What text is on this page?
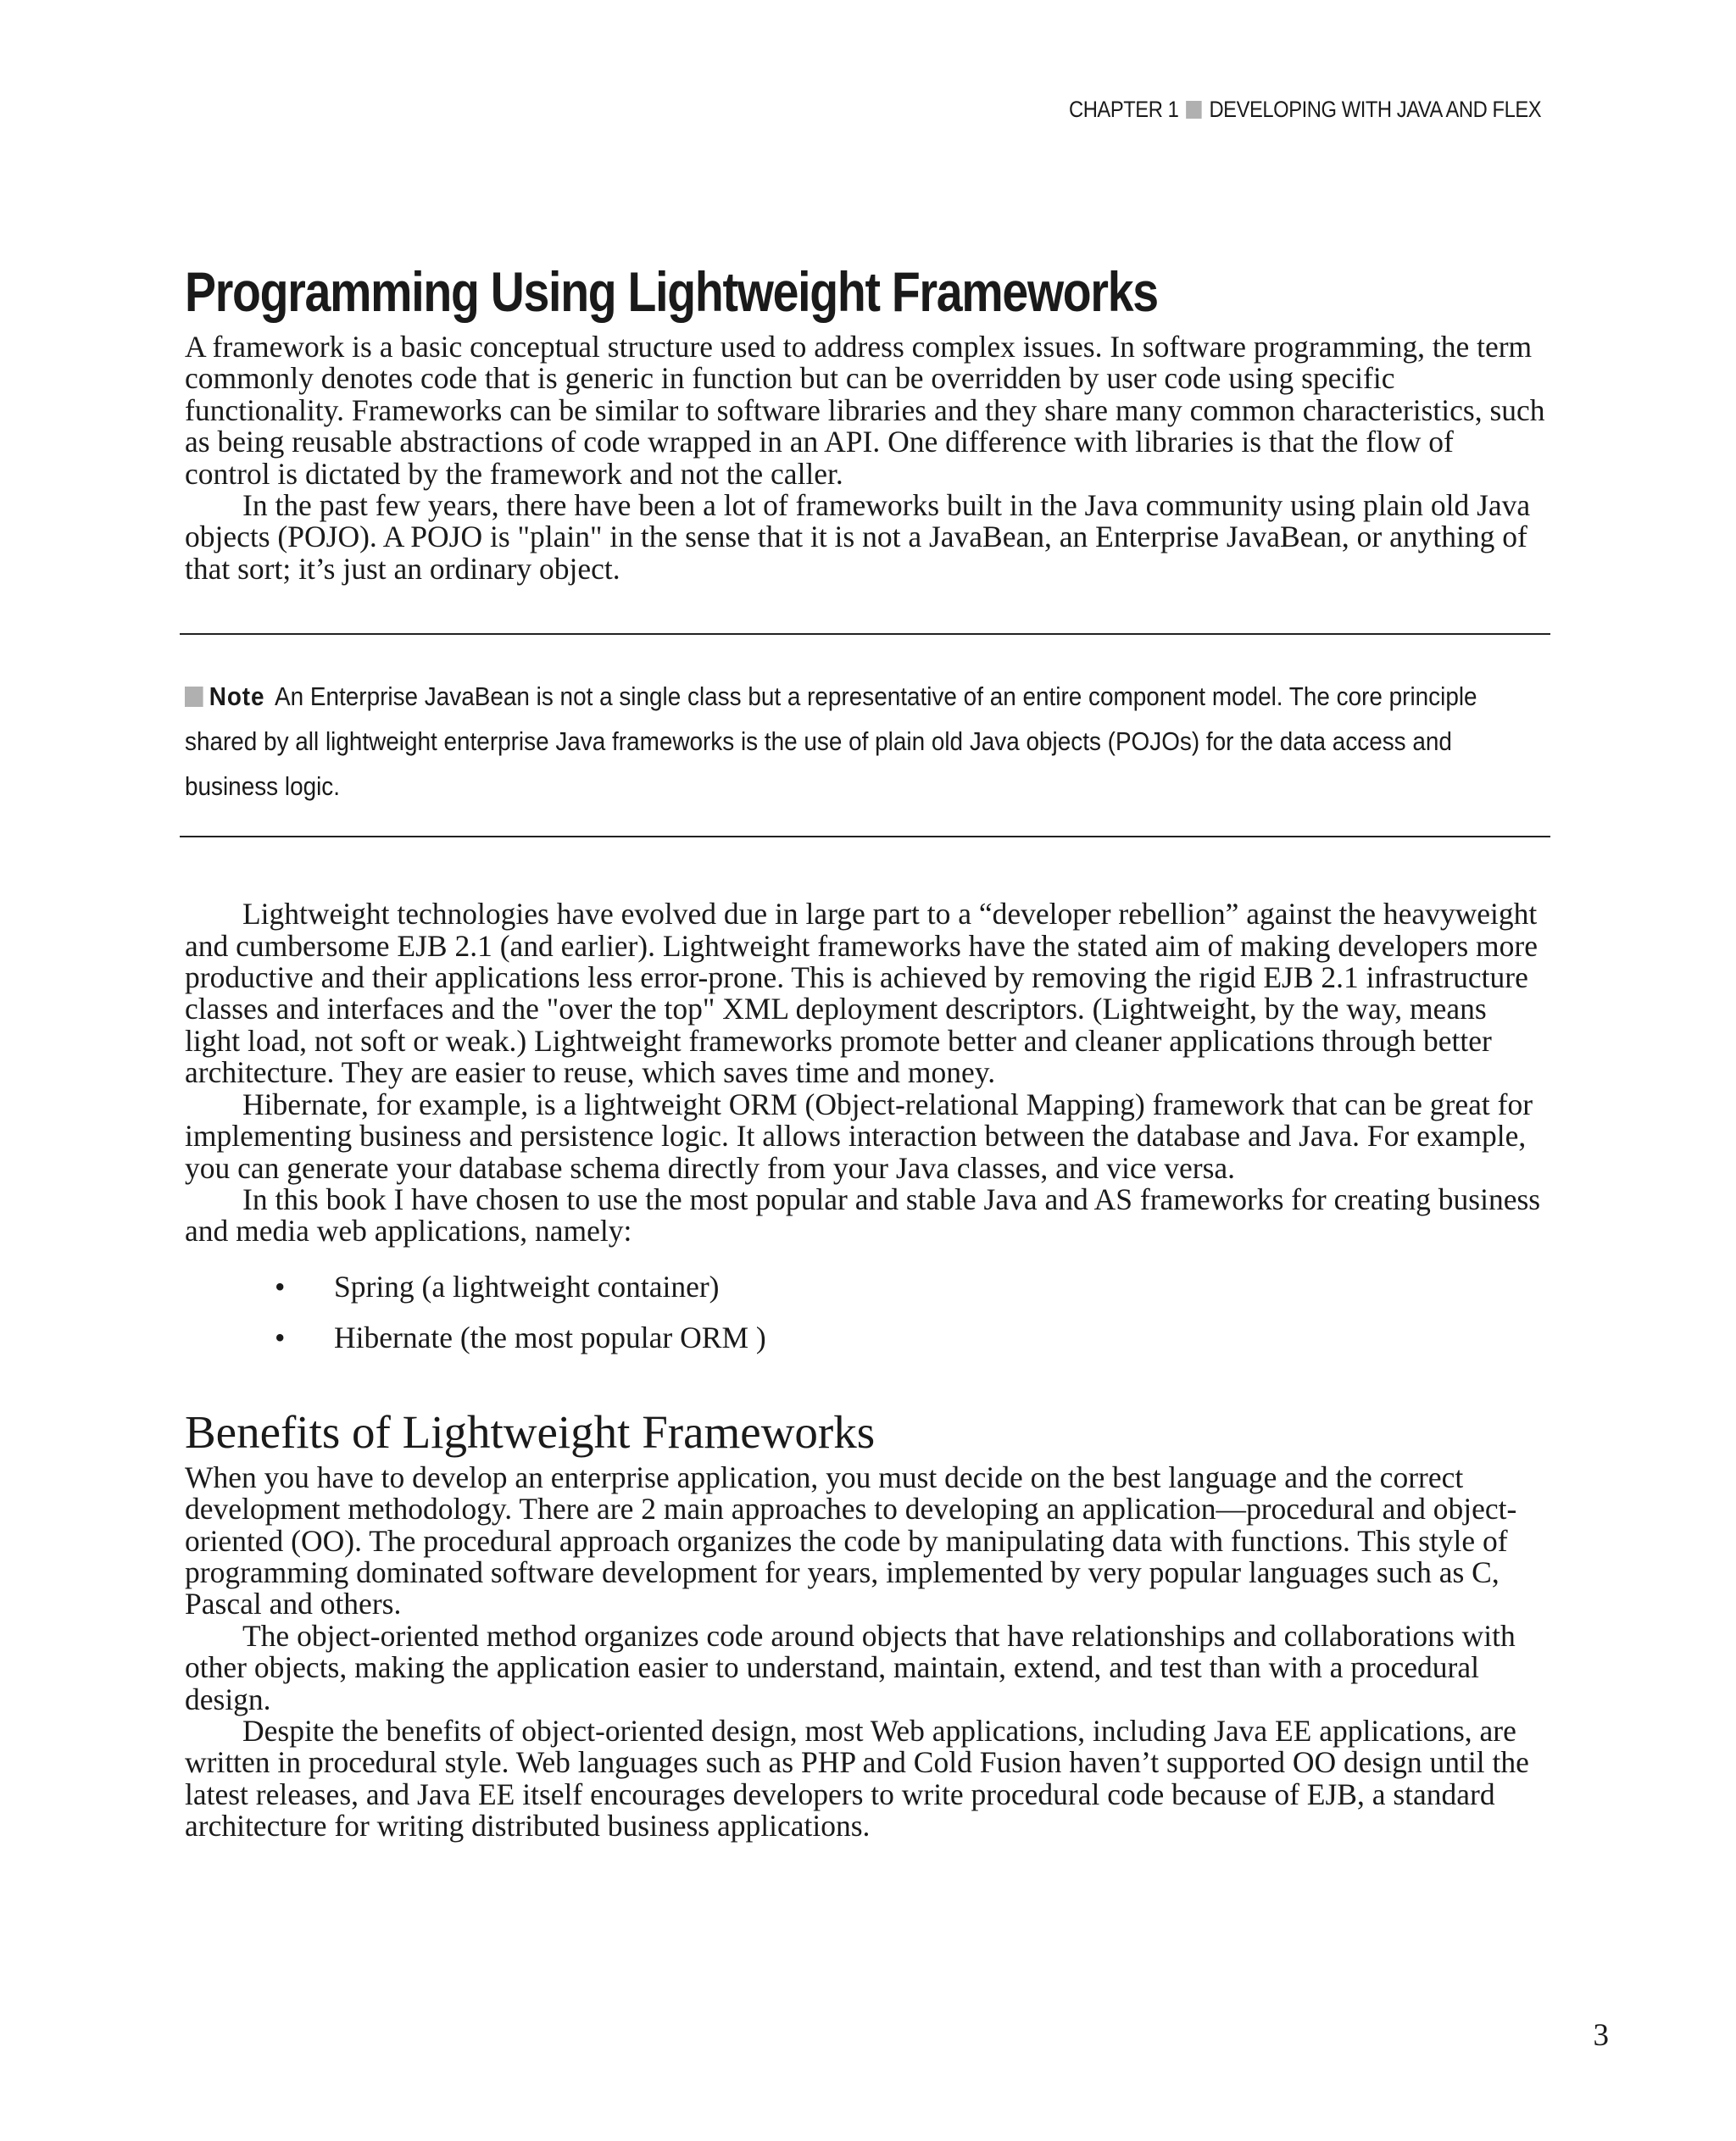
CHAPTER 1 DEVELOPING WITH JAVA AND FLEX
Programming Using Lightweight Frameworks

A framework is a basic conceptual structure used to address complex issues. In software programming, the term commonly denotes code that is generic in function but can be overridden by user code using specific functionality. Frameworks can be similar to software libraries and they share many common characteristics, such as being reusable abstractions of code wrapped in an API. One difference with libraries is that the flow of control is dictated by the framework and not the caller.

In the past few years, there have been a lot of frameworks built in the Java community using plain old Java objects (POJO). A POJO is "plain" in the sense that it is not a JavaBean, an Enterprise JavaBean, or anything of that sort; it’s just an ordinary object.

Note An Enterprise JavaBean is not a single class but a representative of an entire component model. The core principle shared by all lightweight enterprise Java frameworks is the use of plain old Java objects (POJOs) for the data access and business logic.

Lightweight technologies have evolved due in large part to a “developer rebellion” against the heavyweight and cumbersome EJB 2.1 (and earlier). Lightweight frameworks have the stated aim of making developers more productive and their applications less error-prone. This is achieved by removing the rigid EJB 2.1 infrastructure classes and interfaces and the "over the top" XML deployment descriptors. (Lightweight, by the way, means light load, not soft or weak.) Lightweight frameworks promote better and cleaner applications through better architecture. They are easier to reuse, which saves time and money.

Hibernate, for example, is a lightweight ORM (Object-relational Mapping) framework that can be great for implementing business and persistence logic. It allows interaction between the database and Java. For example, you can generate your database schema directly from your Java classes, and vice versa.

In this book I have chosen to use the most popular and stable Java and AS frameworks for creating business and media web applications, namely:

• Spring (a lightweight container)
• Hibernate (the most popular ORM )
Benefits of Lightweight Frameworks

When you have to develop an enterprise application, you must decide on the best language and the correct development methodology. There are 2 main approaches to developing an application—procedural and object-oriented (OO). The procedural approach organizes the code by manipulating data with functions. This style of programming dominated software development for years, implemented by very popular languages such as C, Pascal and others.

The object-oriented method organizes code around objects that have relationships and collaborations with other objects, making the application easier to understand, maintain, extend, and test than with a procedural design.

Despite the benefits of object-oriented design, most Web applications, including Java EE applications, are written in procedural style. Web languages such as PHP and Cold Fusion haven’t supported OO design until the latest releases, and Java EE itself encourages developers to write procedural code because of EJB, a standard architecture for writing distributed business applications.

3
